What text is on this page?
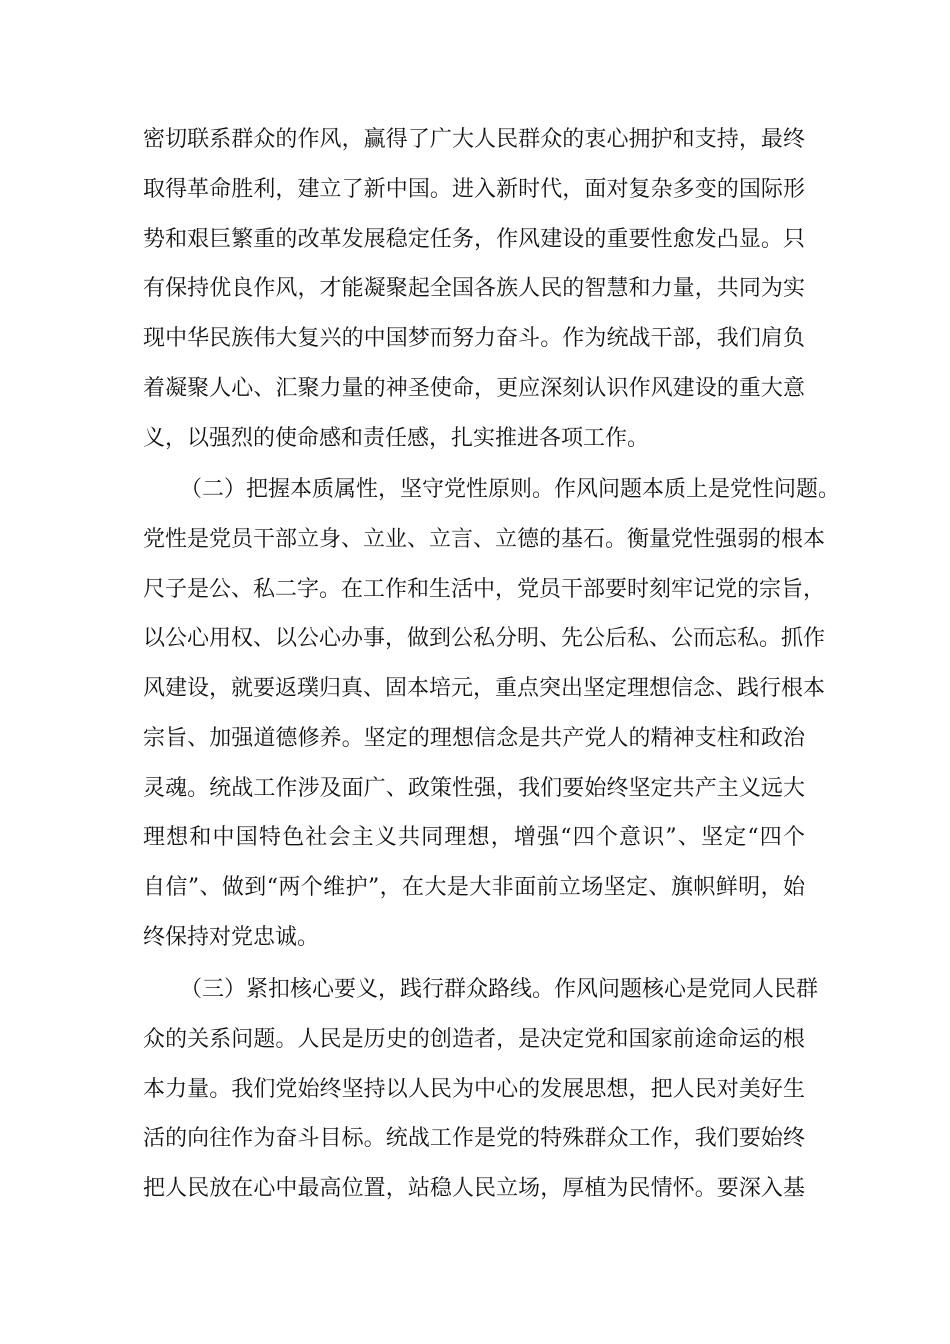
密切联系群众的作风，赢得了广大人民群众的衷心拥护和支持，最终
取得革命胜利，建立了新中国。进入新时代，面对复杂多变的国际形
势和艰巨繁重的改革发展稳定任务，作风建设的重要性愈发凸显。只
有保持优良作风，才能凝聚起全国各族人民的智慧和力量，共同为实
现中华民族伟大复兴的中国梦而努力奋斗。作为统战干部，我们肩负
着凝聚人心、汇聚力量的神圣使命，更应深刻认识作风建设的重大意
义，以强烈的使命感和责任感，扎实推进各项工作。
（二）把握本质属性，坚守党性原则。作风问题本质上是党性问题。
党性是党员干部立身、立业、立言、立德的基石。衡量党性强弱的根本
尺子是公、私二字。在工作和生活中，党员干部要时刻牢记党的宗旨，
以公心用权、以公心办事，做到公私分明、先公后私、公而忘私。抓作
风建设，就要返璞归真、固本培元，重点突出坚定理想信念、践行根本
宗旨、加强道德修养。坚定的理想信念是共产党人的精神支柱和政治
灵魂。统战工作涉及面广、政策性强，我们要始终坚定共产主义远大
理想和中国特色社会主义共同理想，增强“四个意识”、坚定“四个
自信”、做到“两个维护”，在大是大非面前立场坚定、旗帜鲜明，始
终保持对党忠诚。
（三）紧扣核心要义，践行群众路线。作风问题核心是党同人民群
众的关系问题。人民是历史的创造者，是决定党和国家前途命运的根
本力量。我们党始终坚持以人民为中心的发展思想，把人民对美好生
活的向往作为奋斗目标。统战工作是党的特殊群众工作，我们要始终
把人民放在心中最高位置，站稳人民立场，厚植为民情怀。要深入基
